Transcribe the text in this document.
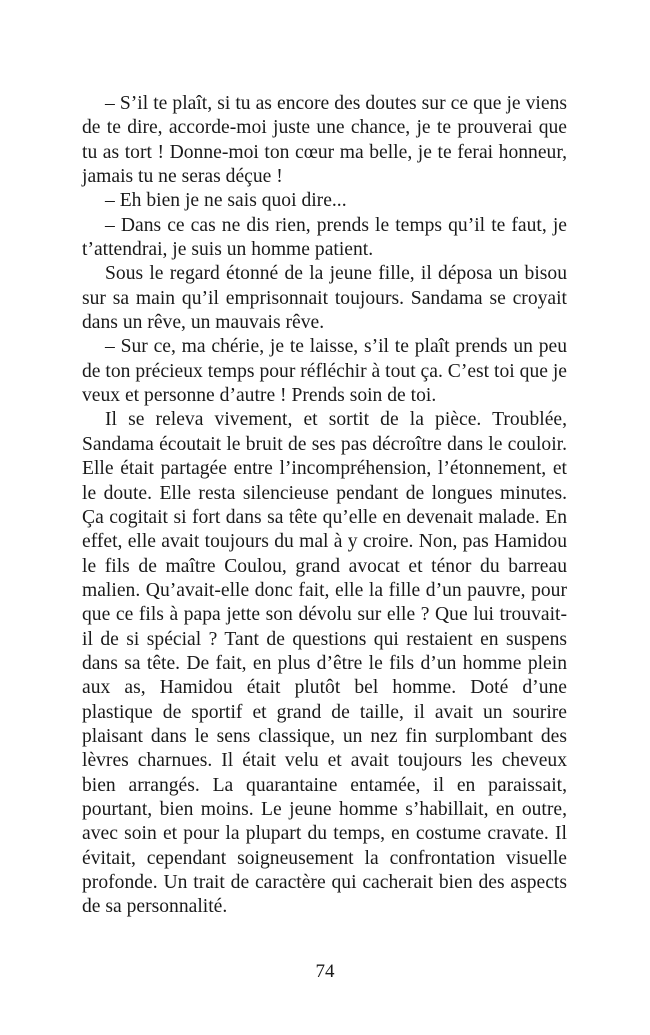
– S’il te plaît, si tu as encore des doutes sur ce que je viens de te dire, accorde-moi juste une chance, je te prouverai que tu as tort ! Donne-moi ton cœur ma belle, je te ferai honneur, jamais tu ne seras déçue !

– Eh bien je ne sais quoi dire...

– Dans ce cas ne dis rien, prends le temps qu’il te faut, je t’attendrai, je suis un homme patient.

Sous le regard étonné de la jeune fille, il déposa un bisou sur sa main qu’il emprisonnait toujours. Sandama se croyait dans un rêve, un mauvais rêve.

– Sur ce, ma chérie, je te laisse, s’il te plaît prends un peu de ton précieux temps pour réfléchir à tout ça. C’est toi que je veux et personne d’autre ! Prends soin de toi.

Il se releva vivement, et sortit de la pièce. Troublée, Sandama écoutait le bruit de ses pas décroître dans le couloir. Elle était partagée entre l’incompréhension, l’étonnement, et le doute. Elle resta silencieuse pendant de longues minutes. Ça cogitait si fort dans sa tête qu’elle en devenait malade. En effet, elle avait toujours du mal à y croire. Non, pas Hamidou le fils de maître Coulou, grand avocat et ténor du barreau malien. Qu’avait-elle donc fait, elle la fille d’un pauvre, pour que ce fils à papa jette son dévolu sur elle ? Que lui trouvait-il de si spécial ? Tant de questions qui restaient en suspens dans sa tête. De fait, en plus d’être le fils d’un homme plein aux as, Hamidou était plutôt bel homme. Doté d’une plastique de sportif et grand de taille, il avait un sourire plaisant dans le sens classique, un nez fin surplombant des lèvres charnues. Il était velu et avait toujours les cheveux bien arrangés. La quarantaine entamée, il en paraissait, pourtant, bien moins. Le jeune homme s’habillait, en outre, avec soin et pour la plupart du temps, en costume cravate. Il évitait, cependant soigneusement la confrontation visuelle profonde. Un trait de caractère qui cacherait bien des aspects de sa personnalité.

74
